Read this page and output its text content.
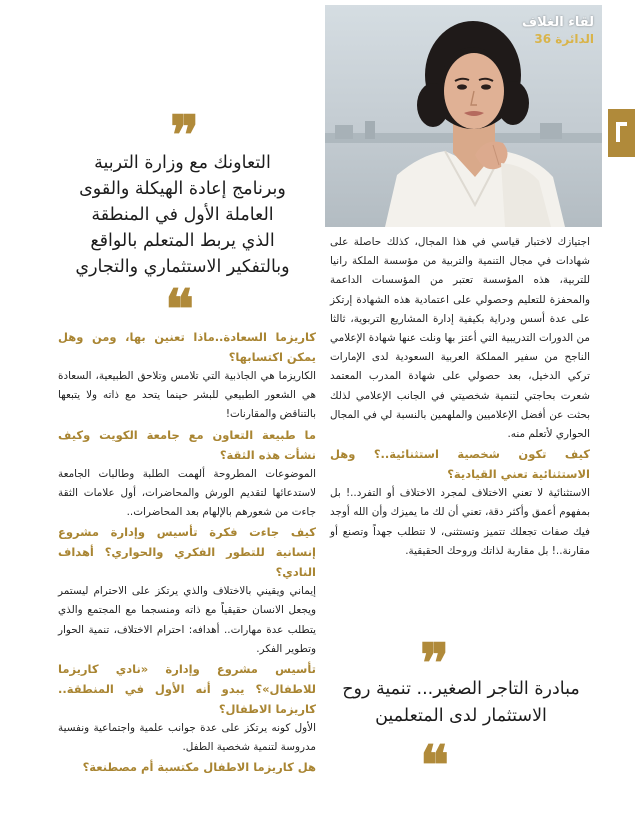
لقاء الغلاف
الدائرة 36
❞
التعاونك مع وزارة التربية
وبرنامج إعادة الهيكلة والقوى
العاملة الأول في المنطقة
الذي يربط المتعلم بالواقع
وبالتفكير الاستثماري والتجاري
❝

اجتيازك لاختبار قياسي في هذا المجال، كذلك حاصلة على شهادات في مجال التنمية والتربية من مؤسسة الملكة رانيا للتربية، هذه المؤسسة تعتبر من المؤسسات الداعمة والمحفزة للتعليم وحصولي على اعتمادية هذه الشهادة إرتكز على عدة أسس ودراية بكيفية إدارة المشاريع التربوية، ثالثا من الدورات التدريبية التي أعتز بها ونلت عنها شهادة الإعلامي الناجح من سفير المملكة العربية السعودية لدى الإمارات تركي الدخيل، بعد حصولي على شهادة المدرب المعتمد شعرت بحاجتي لتنمية شخصيتي في الجانب الإعلامي لذلك بحثت عن أفضل الإعلاميين والملهمين بالنسبة لي في المجال الحواري لأتعلم منه.

كيف تكون شخصية استثنائية..؟ وهل الاستثنائية تعني القيادية؟

الاستثنائية لا تعني الاختلاف لمجرد الاختلاف أو التفرد..! بل بمفهوم أعمق وأكثر دقة، تعني أن لك ما يميزك وأن الله أوجد فيك صفات تجعلك تتميز وتستثنى، لا تتطلب جهداً وتصنع أو مقارنة..! بل مقاربة لذاتك وروحك الحقيقية.

❞
مبادرة التاجر الصغير... تنمية روح
الاستثمار لدى المتعلمين
❝

كاريزما السعادة..ماذا تعنين بها، ومن وهل يمكن اكتسابها؟

الكاريزما هي الجاذبية التي تلامس وتلاحق الطبيعية، السعادة هي الشعور الطبيعي للبشر حينما يتحد مع ذاته ولا يتبعها بالتناقض والمقارنات!

ما طبيعة التعاون مع جامعة الكويت وكيف نشأت هذه الثقة؟

الموضوعات المطروحة ألهمت الطلبة وطالبات الجامعة لاستدعائها لتقديم الورش والمحاضرات، أول علامات الثقة جاءت من شعورهم بالإلهام بعد المحاضرات..

كيف جاءت فكرة تأسيس وإدارة مشروع إنسانية للتطور الفكري والحواري؟ أهداف النادي؟

إيماني ويقيني بالاختلاف والذي يرتكز على الاحترام ليستمر ويجعل الانسان حقيقياً مع ذاته ومنسجما مع المجتمع والذي يتطلب عدة مهارات.. أهدافه: احترام الاختلاف، تنمية الحوار وتطوير الفكر.

تأسيس مشروع وإدارة «نادي كاريزما للاطفال»؟ يبدو أنه الأول في المنطقة.. كاريزما الاطفال؟

الأول كونه يرتكز على عدة جوانب علمية واجتماعية ونفسية مدروسة لتنمية شخصية الطفل.

هل كاريزما الاطفال مكتسبة أم مصطنعة؟
